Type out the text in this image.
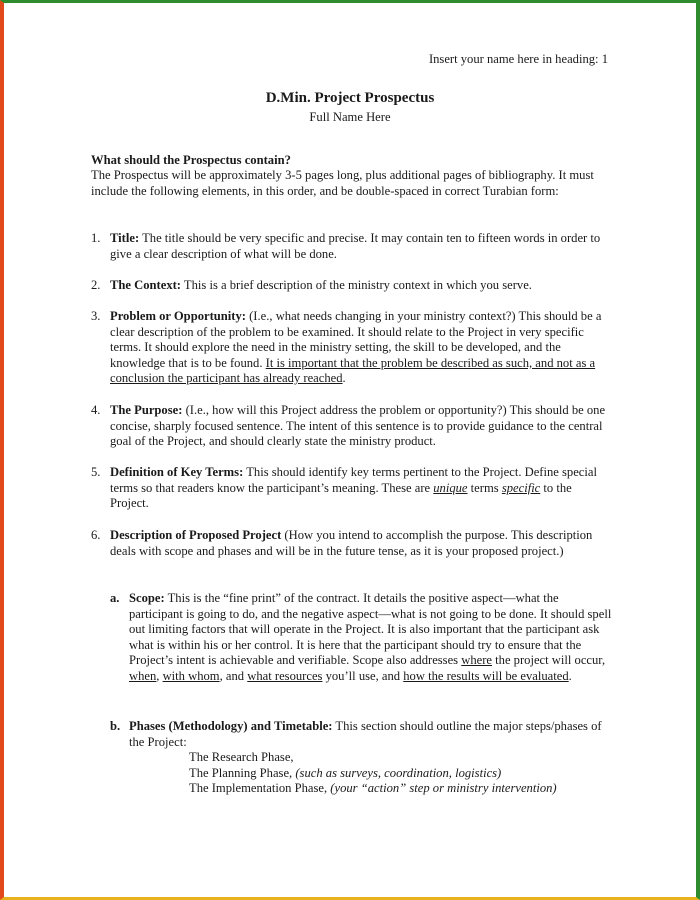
Insert your name here in heading: 1
D.Min. Project Prospectus
Full Name Here
What should the Prospectus contain?
The Prospectus will be approximately 3-5 pages long, plus additional pages of bibliography. It must include the following elements, in this order, and be double-spaced in correct Turabian form:
1. Title: The title should be very specific and precise. It may contain ten to fifteen words in order to give a clear description of what will be done.

2. The Context: This is a brief description of the ministry context in which you serve.

3. Problem or Opportunity: (I.e., what needs changing in your ministry context?) This should be a clear description of the problem to be examined. It should relate to the Project in very specific terms. It should explore the need in the ministry setting, the skill to be developed, and the knowledge that is to be found. It is important that the problem be described as such, and not as a conclusion the participant has already reached.

4. The Purpose: (I.e., how will this Project address the problem or opportunity?) This should be one concise, sharply focused sentence. The intent of this sentence is to provide guidance to the central goal of the Project, and should clearly state the ministry product.

5. Definition of Key Terms: This should identify key terms pertinent to the Project. Define special terms so that readers know the participant’s meaning. These are unique terms specific to the Project.

6. Description of Proposed Project (How you intend to accomplish the purpose. This description deals with scope and phases and will be in the future tense, as it is your proposed project.)

a. Scope: This is the “fine print” of the contract. It details the positive aspect—what the participant is going to do, and the negative aspect—what is not going to be done. It should spell out limiting factors that will operate in the Project. It is also important that the participant ask what is within his or her control. It is here that the participant should try to ensure that the Project’s intent is achievable and verifiable. Scope also addresses where the project will occur, when, with whom, and what resources you’ll use, and how the results will be evaluated.

b. Phases (Methodology) and Timetable: This section should outline the major steps/phases of the Project:

The Research Phase,

The Planning Phase, (such as surveys, coordination, logistics)

The Implementation Phase, (your “action” step or ministry intervention)
